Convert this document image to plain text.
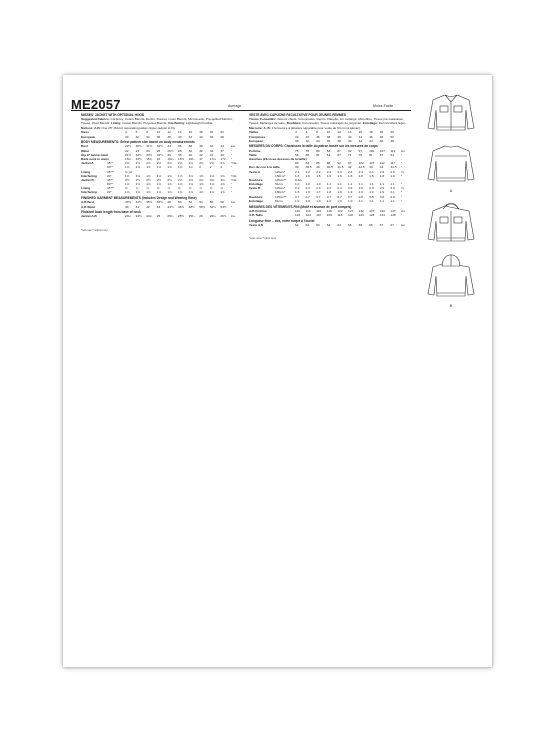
ME2057	Average	Moins Facile
MISSES' JACKET WITH OPTIONAL HOOD
Suggested Fabrics: Corduroy, Cotton Blends, Denim, Flannel, Linen Blends, Microsuede, Pre-quilted Fabrics, Tweed, Wool Blends. Lining: Cotton Blends, Polyester Blends. Interfacing: Lightweight Fusible.
Notions: A,B: One 25" (64cm) separating jacket zipper (adjust to fit).
Sizes	4	6	8	10 12 14 16 18 20 22
European	30 32 34 36 38 40 42 44 46 48
BODY MEASUREMENTS: Select pattern size based on body measurements
Bust	29½ 30½ 31½ 32½ 34 36 38 40 42 44 ins.
Waist	22 23 24 25 26½ 28 30 32 34 37 "
Hip 9" below waist	31½ 32½ 33½ 34½ 36 38 40 42 44 46 "
Back neck to waist	15¼ 15½ 15¾ 16 16¼ 16½ 16¾ 17 17⅛ 17¼ "
Jacket A	45"*	2⅝ 2⅝ 2⅝ 2⅝ 2⅝ 2⅝ 2⅝ 2⅝ 2⅝ 2⅝ Yds.
60"*	1⅝ 1⅝ 1⅝ 1⅝ 1⅝ 1⅝ 1¾ 2	2	2	"
Lining	45"**	⅝ yd.
Interfacing	20"	1⅝ 1⅝ 1⅝ 1⅝ 1⅝ 1⅝ 1⅝ 1⅝ 1⅝ 1⅝ Yds.
Jacket B	45"*	2½ 2½ 2½ 2½ 2½ 2⅝ 2⅝ 2⅝ 3⅛ 3⅛ Yds.
60"*	1⅝ 1⅝ 1⅝ 1⅝ 1⅝ 1⅝ 1⅝ 1⅝ 1⅝ 1⅝ "
Lining	45"**	⅝	⅝	⅝	⅝	⅝	⅝	⅝	⅝	⅝	⅝	"
Interfacing	20"	1⅝ 1⅝ 1⅝ 1⅝ 1⅝ 1⅝ 1⅝ 1⅝ 1⅝ 1⅝ "
FINISHED GARMENT MEASUREMENTS (Includes Design and Wearing Ease)
A,B Bust	43½ 44½ 45½ 46½ 48 50 52 54 56 58 ins.
A,B Waist	40 41 42 43 44½ 46½ 48½ 50½ 52½ 54½ "
Finished back length from base of neck
Jacket A,B	24¼ 24½ 24¾ 25 25¼ 25½ 25¾ 26 26¼ 26½ ins.
*with nap **without nap
VESTE AVEC CAPUCHE FACULTATIVE POUR JEUNES FEMMES
Tissus Conseillés: Velours côtelé, Cotonnades, Denim, Flanelle, Lin mélangé, Microfibre, Tissus pré-matelassé, Tweed, Mélanges de laine. Doublure: Cotonnades, Tissus mélangés de polyester. Entoilage: thermocollant léger.
Mercerie: A, B: 1 fermeture à glissière séparable pour veste de 64 cm (à ajuster).
Tailles	4	6	8	10 12 14 16 18 20 22
Françaises	32 34 36 38 40 42 44 46 48 50
Européen	30 32 34 36 38 40 42 44 46 48
MESURES DU CORPS: Choisissez la taille du patron basée sur les mesures du corps
Poitrine	75 78 80 83 87 92 97 102 107 112 cm
Taille	56 58 61 64 67 71 76 81 87 94 "
Hanches (23cm au-dessous de la taille)
80 83 85 88 92 97 102 107 112 117 "
Dos du cou à la taille	39 39.5 40 40.5 41.5 42 42.5 43 44 44.5 "
Veste A	115cm*	2.1 2.2 2.2 2.2 2.3 2.4 2.4 2.4 2.6 2.6 m
150cm*	1.6 1.6 1.6 1.6 1.6 1.8 1.8 1.8 1.8 1.8 "
Doublure	115cm**	0.3m
Entoilage	51cm	1.0 1.0 1.0 1.1 1.1 1.1 1.1 1.1 1.1 1.1 "
Veste B	115cm*	2.2 2.3 2.3 2.3 2.4 2.9 2.9 2.9 2.9 3.0 m
150cm*	1.6 1.6 1.7 1.8 1.8 1.9 1.9 1.9 1.9 2.1 "
Doublure	115cm**	0.7 0.7 0.7 0.7 0.7 0.7 0.8 0.8 0.8 0.8 "
Entoilage	51cm	1.0 1.0 1.0 1.0 1.0 1.0 1.1 1.1 1.1 1.1 "
MESURES DES VÊTEMENTS FINI (Motif et aisance de port compris)
A,B Poitrine	110 113 116 118 122 127 132 137 142 147 cm
A,B Taille	102 104 107 109 113 118 123 128 133 138 "
Longueur finie – dos, votre nuque à l'ourlet
Veste A,B	62 62 63 64 64 65 65 66 67 67 cm
*avec sens **sans sens
A
B
